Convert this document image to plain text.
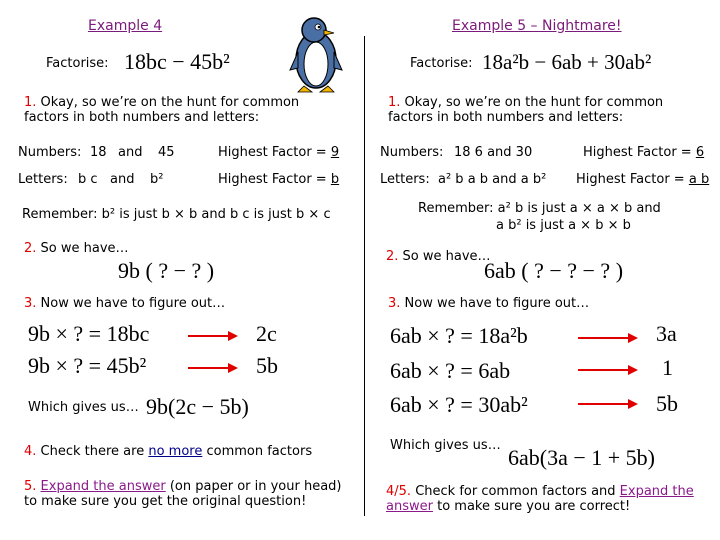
Example 4
Factorise: 18bc − 45b²
1. Okay, so we’re on the hunt for common factors in both numbers and letters:
Numbers: 18 and 45	Highest Factor = 9
Letters: b c and b²	Highest Factor = b
Remember: b² is just b × b and b c is just b × c
2. So we have…
9b ( ? − ? )
3. Now we have to figure out…
9b × ? = 18bc	2c
9b × ? = 45b²	5b
Which gives us… 9b(2c − 5b)
4. Check there are no more common factors
5. Expand the answer (on paper or in your head) to make sure you get the original question!
Example 5 – Nightmare!
Factorise: 18a²b − 6ab + 30ab²
1. Okay, so we’re on the hunt for common factors in both numbers and letters:
Numbers: 18 6 and 30	Highest Factor = 6
Letters: a² b a b and a b² Highest Factor = a b
Remember: a² b is just a × a × b and
a b² is just a × b × b
2. So we have…
6ab ( ? − ? − ? )
3. Now we have to figure out…
6ab × ? = 18a²b	3a
6ab × ? = 6ab	1
6ab × ? = 30ab²	5b
Which gives us… 6ab(3a − 1 + 5b)
4/5. Check for common factors and Expand the answer to make sure you are correct!
